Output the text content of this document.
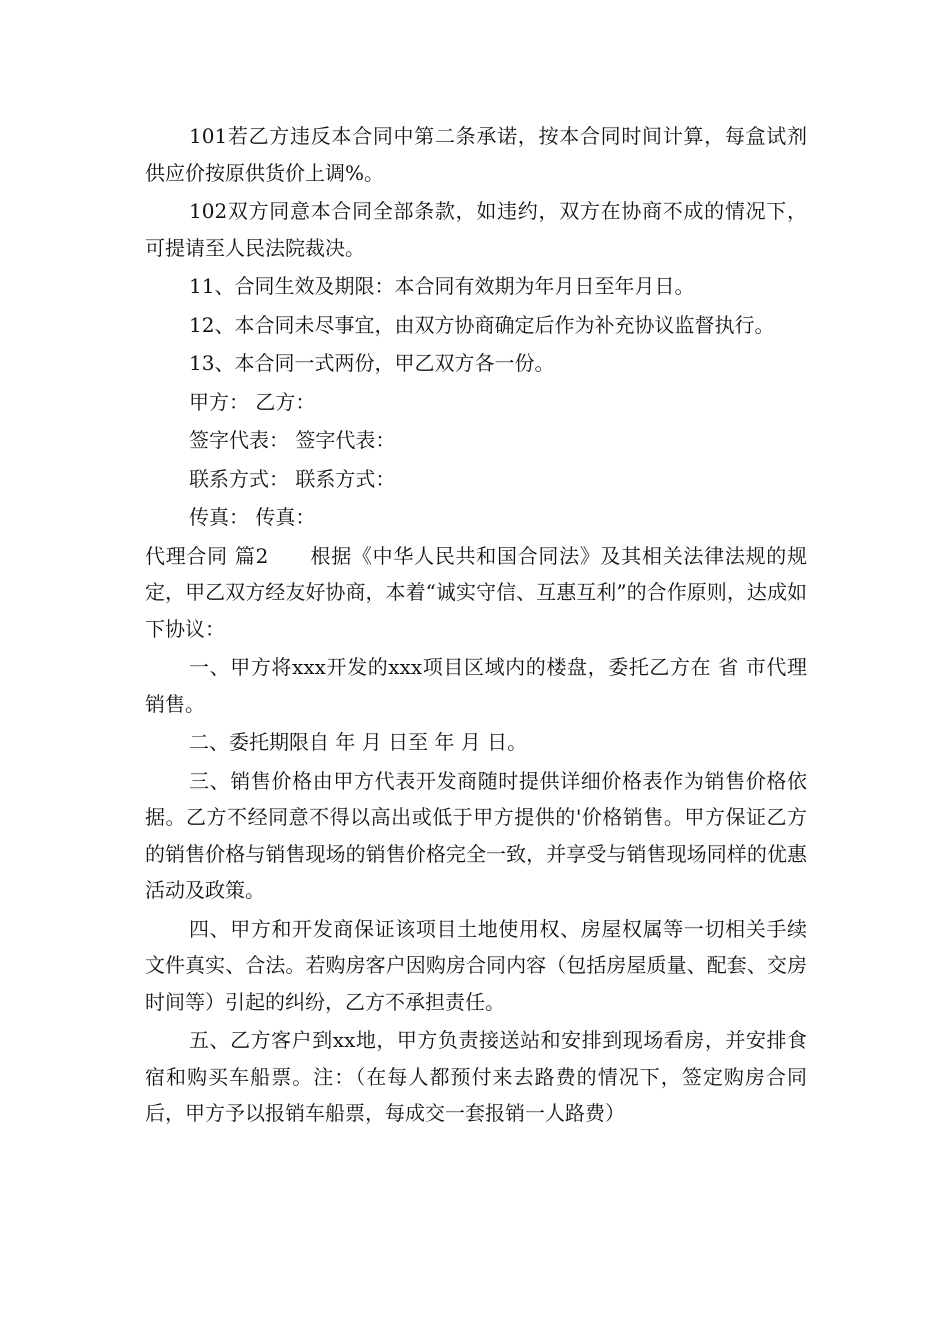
101若乙方违反本合同中第二条承诺，按本合同时间计算，每盒试剂供应价按原供货价上调%。

102双方同意本合同全部条款，如违约，双方在协商不成的情况下，可提请至人民法院裁决。

11、合同生效及期限：本合同有效期为年月日至年月日。

12、本合同未尽事宜，由双方协商确定后作为补充协议监督执行。

13、本合同一式两份，甲乙双方各一份。

甲方： 乙方：

签字代表： 签字代表：

联系方式： 联系方式：

传真： 传真：

代理合同 篇2　　根据《中华人民共和国合同法》及其相关法律法规的规定，甲乙双方经友好协商，本着“诚实守信、互惠互利”的合作原则，达成如下协议：

一、甲方将xxx开发的xxx项目区域内的楼盘，委托乙方在 省 市代理销售。

二、委托期限自 年 月 日至 年 月 日。

三、销售价格由甲方代表开发商随时提供详细价格表作为销售价格依据。乙方不经同意不得以高出或低于甲方提供的'价格销售。甲方保证乙方的销售价格与销售现场的销售价格完全一致，并享受与销售现场同样的优惠活动及政策。

四、甲方和开发商保证该项目土地使用权、房屋权属等一切相关手续文件真实、合法。若购房客户因购房合同内容（包括房屋质量、配套、交房时间等）引起的纠纷，乙方不承担责任。

五、乙方客户到xx地，甲方负责接送站和安排到现场看房，并安排食宿和购买车船票。注：（在每人都预付来去路费的情况下，签定购房合同后，甲方予以报销车船票，每成交一套报销一人路费）
